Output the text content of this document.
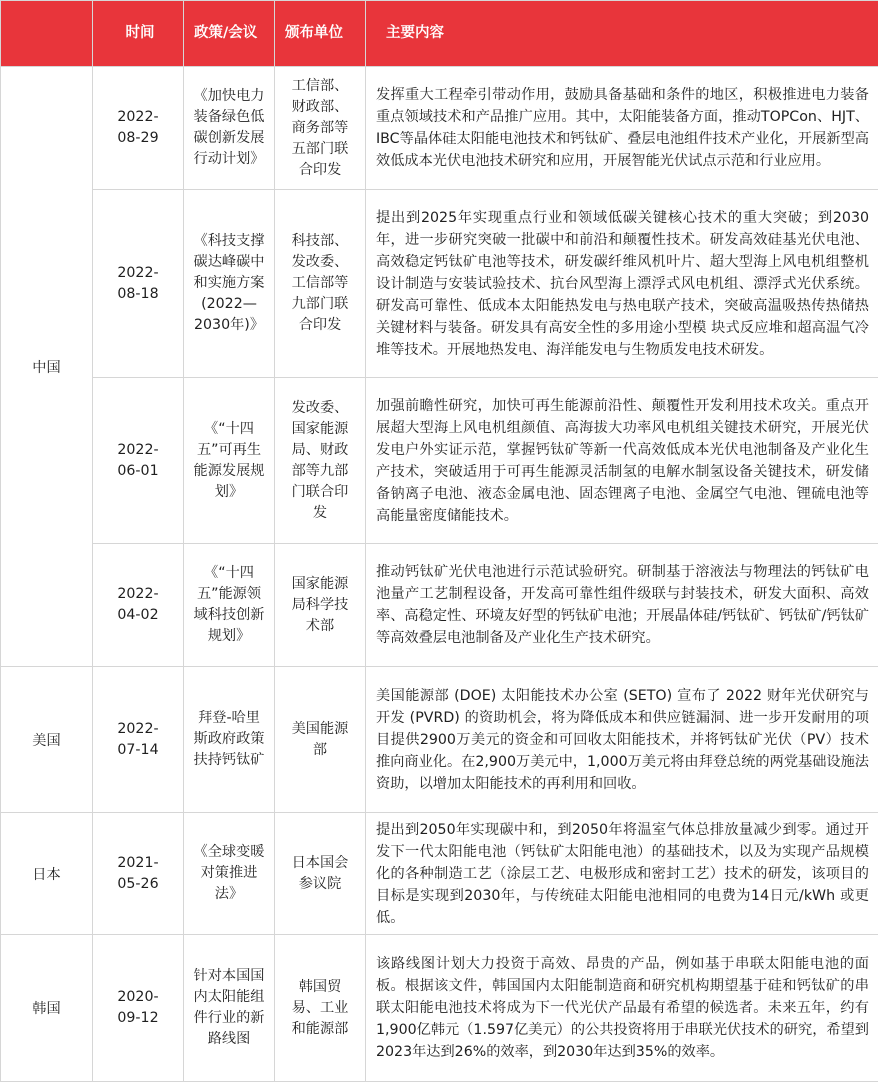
	时间	政策/会议	颁布单位	主要内容
中国	2022-08-29	《加快电力装备绿色低碳创新发展行动计划》	工信部、财政部、商务部等五部门联合印发	发挥重大工程牵引带动作用，鼓励具备基础和条件的地区，积极推进电力装备重点领域技术和产品推广应用。其中，太阳能装备方面，推动TOPCon、HJT、IBC等晶体硅太阳能电池技术和钙钛矿、叠层电池组件技术产业化，开展新型高效低成本光伏电池技术研究和应用，开展智能光伏试点示范和行业应用。
	2022-08-18	《科技支撑碳达峰碳中和实施方案(2022—2030年)》	科技部、发改委、工信部等九部门联合印发	提出到2025年实现重点行业和领域低碳关键核心技术的重大突破；到2030年，进一步研究突破一批碳中和前沿和颠覆性技术。研发高效硅基光伏电池、高效稳定钙钛矿电池等技术，研发碳纤维风机叶片、超大型海上风电机组整机设计制造与安装试验技术、抗台风型海上漂浮式风电机组、漂浮式光伏系统。研发高可靠性、低成本太阳能热发电与热电联产技术，突破高温吸热传热储热关键材料与装备。研发具有高安全性的多用途小型模 块式反应堆和超高温气冷堆等技术。开展地热发电、海洋能发电与生物质发电技术研发。
	2022-06-01	《“十四五”可再生能源发展规划》	发改委、国家能源局、财政部等九部门联合印发	加强前瞻性研究，加快可再生能源前沿性、颠覆性开发利用技术攻关。重点开展超大型海上风电机组颜值、高海拔大功率风电机组关键技术研究，开展光伏发电户外实证示范，掌握钙钛矿等新一代高效低成本光伏电池制备及产业化生产技术，突破适用于可再生能源灵活制氢的电解水制氢设备关键技术，研发储备钠离子电池、液态金属电池、固态锂离子电池、金属空气电池、锂硫电池等高能量密度储能技术。
	2022-04-02	《“十四五”能源领域科技创新规划》	国家能源局科学技术部	推动钙钛矿光伏电池进行示范试验研究。研制基于溶液法与物理法的钙钛矿电池量产工艺制程设备，开发高可靠性组件级联与封装技术，研发大面积、高效率、高稳定性、环境友好型的钙钛矿电池；开展晶体硅/钙钛矿、钙钛矿/钙钛矿等高效叠层电池制备及产业化生产技术研究。
美国	2022-07-14	拜登-哈里斯政府政策扶持钙钛矿	美国能源部	美国能源部 (DOE) 太阳能技术办公室 (SETO) 宣布了 2022 财年光伏研究与开发 (PVRD) 的资助机会，将为降低成本和供应链漏洞、进一步开发耐用的项目提供2900万美元的资金和可回收太阳能技术，并将钙钛矿光伏（PV）技术推向商业化。在2,900万美元中，1,000万美元将由拜登总统的两党基础设施法资助，以增加太阳能技术的再利用和回收。
日本	2021-05-26	《全球变暖对策推进法》	日本国会参议院	提出到2050年实现碳中和，到2050年将温室气体总排放量减少到零。通过开发下一代太阳能电池（钙钛矿太阳能电池）的基础技术，以及为实现产品规模化的各种制造工艺（涂层工艺、电极形成和密封工艺）技术的研发，该项目的目标是实现到2030年，与传统硅太阳能电池相同的电费为14日元/kWh 或更低。
韩国	2020-09-12	针对本国国内太阳能组件行业的新路线图	韩国贸易、工业和能源部	该路线图计划大力投资于高效、昂贵的产品，例如基于串联太阳能电池的面板。根据该文件，韩国国内太阳能制造商和研究机构期望基于硅和钙钛矿的串联太阳能电池技术将成为下一代光伏产品最有希望的候选者。未来五年，约有1,900亿韩元（1.597亿美元）的公共投资将用于串联光伏技术的研究，希望到2023年达到26%的效率，到2030年达到35%的效率。
